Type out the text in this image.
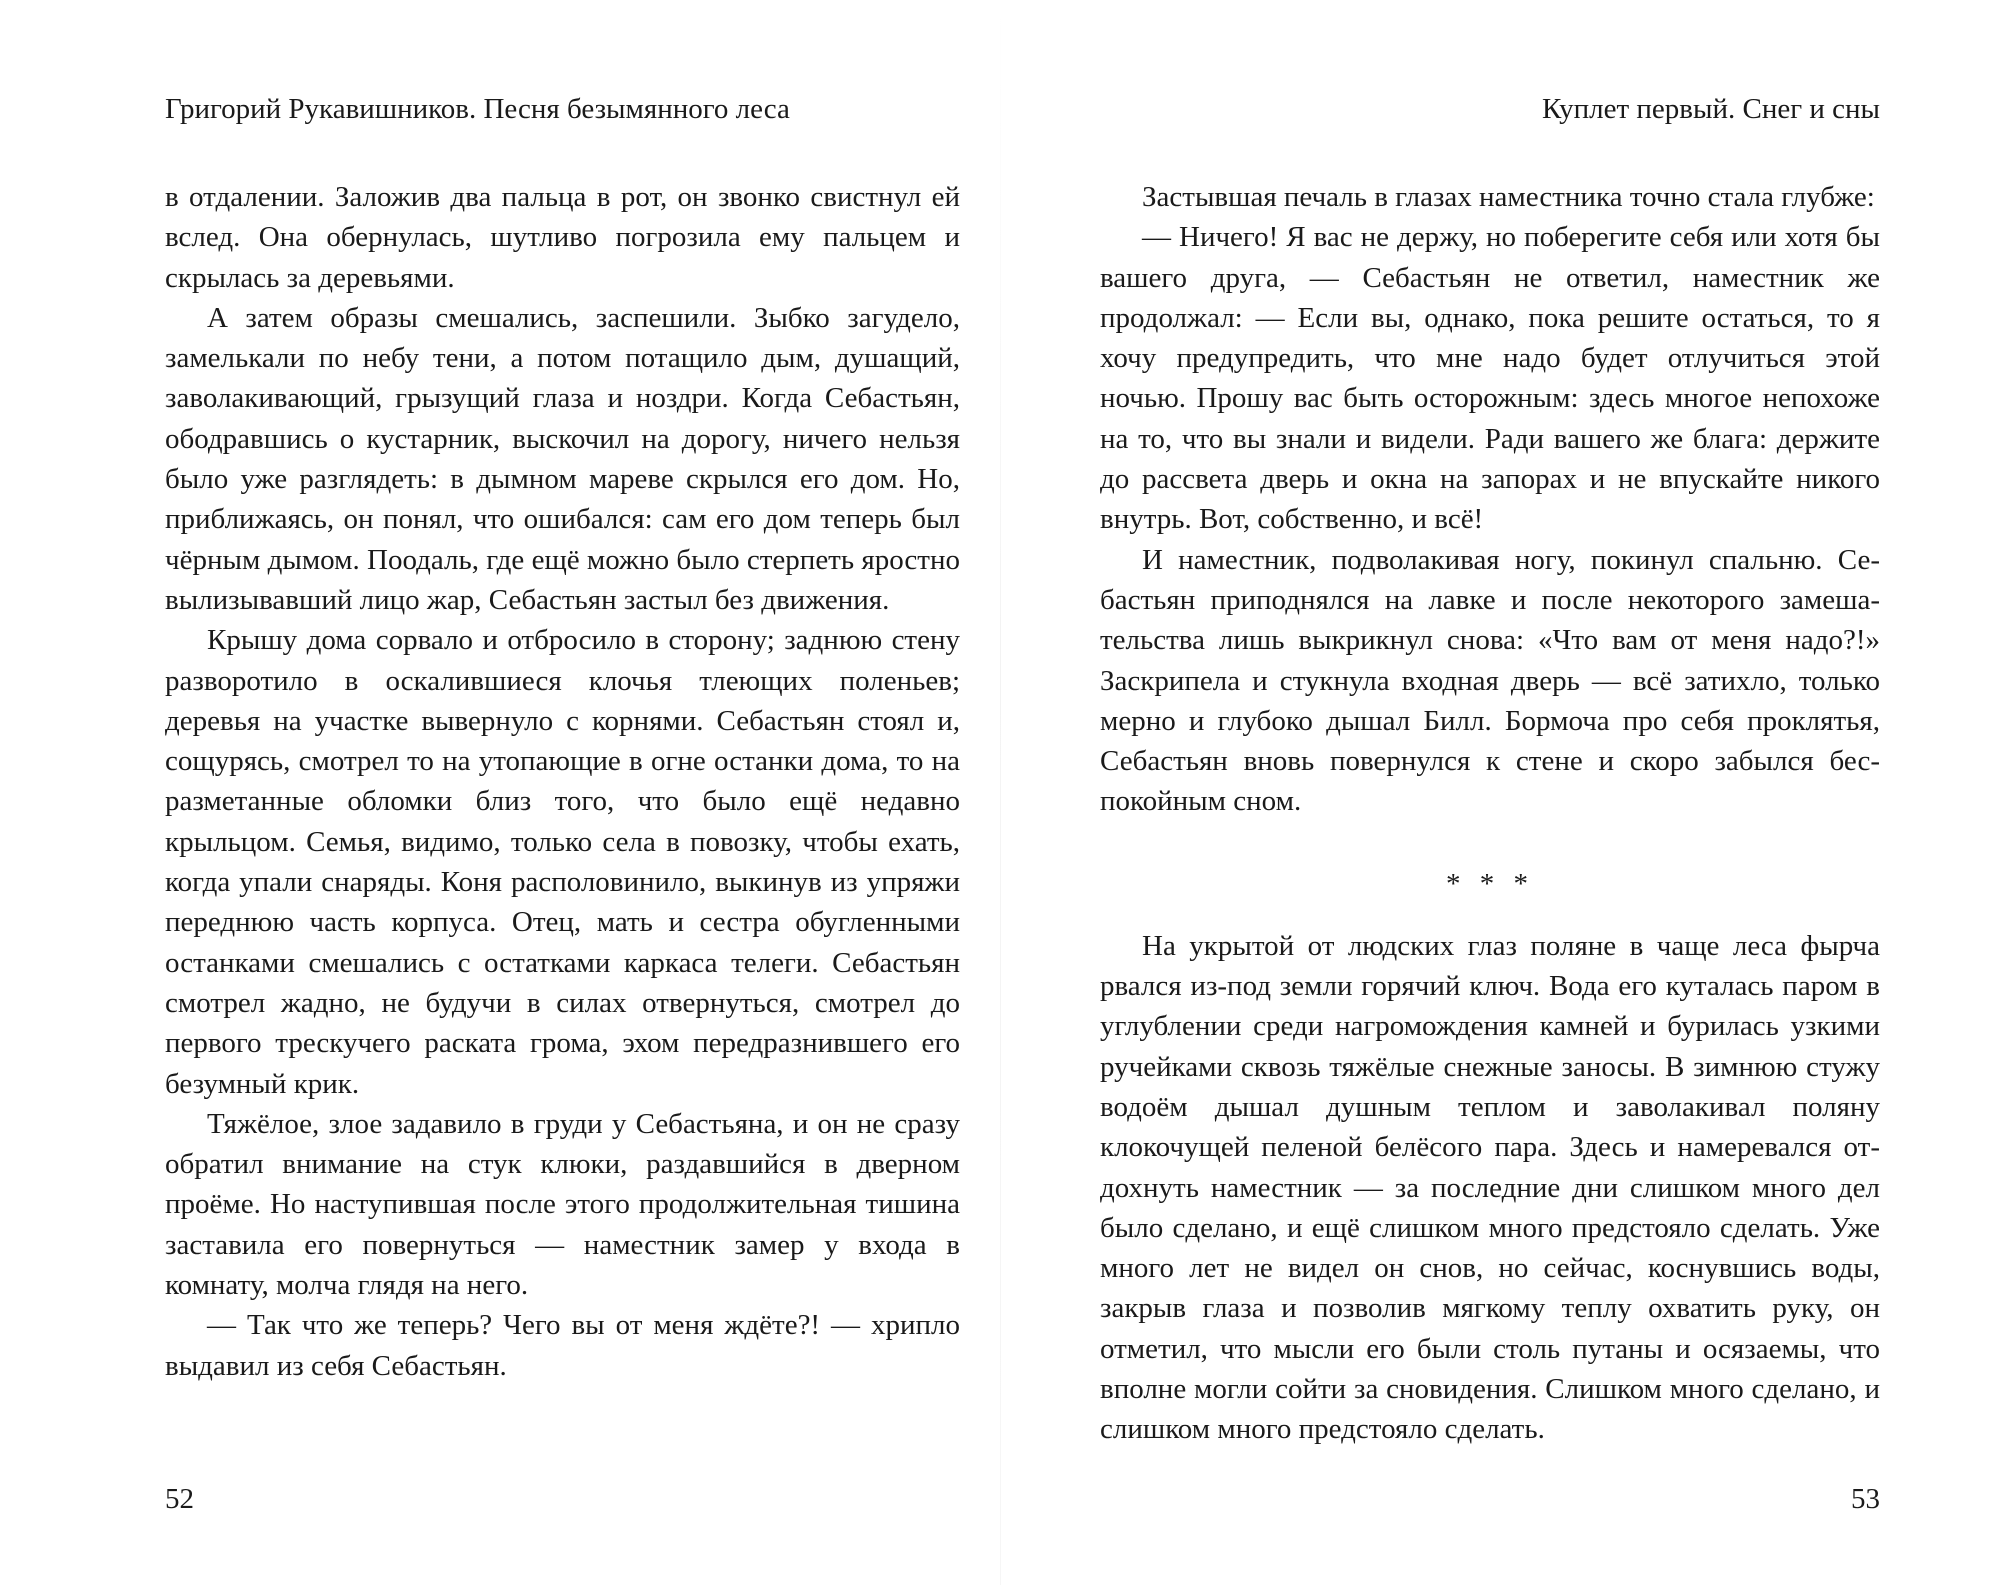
Григорий Рукавишников. Песня безымянного леса

в отдалении. Заложив два пальца в рот, он звонко свистнул ей вслед. Она обернулась, шутливо погрозила ему пальцем и скрылась за деревьями.

А затем образы смешались, заспешили. Зыбко загудело, замелькали по небу тени, а потом потащило дым, душащий, заволакивающий, грызущий глаза и ноздри. Когда Себастьян, ободравшись о кустарник, выскочил на дорогу, ничего нельзя было уже разглядеть: в дымном мареве скрылся его дом. Но, приближаясь, он понял, что ошибался: сам его дом теперь был чёрным дымом. Поодаль, где ещё можно было стерпеть яростно вылизывавший лицо жар, Себастьян застыл без движения.

Крышу дома сорвало и отбросило в сторону; заднюю стену разворотило в оскалившиеся клочья тлеющих поленьев; деревья на участке вывернуло с корнями. Себастьян стоял и, сощурясь, смотрел то на утопающие в огне останки дома, то на разметанные обломки близ того, что было ещё недавно крыльцом. Семья, видимо, только села в повозку, чтобы ехать, когда упали снаряды. Коня располовинило, выкинув из упряжи переднюю часть корпуса. Отец, мать и сестра обугленными останками смешались с остатками каркаса телеги. Себастьян смотрел жадно, не будучи в силах отвернуться, смотрел до первого трескучего раската грома, эхом передразнившего его безумный крик.

Тяжёлое, злое задавило в груди у Себастьяна, и он не сразу обратил внимание на стук клюки, раздавшийся в дверном проёме. Но наступившая после этого продолжительная тишина заставила его повернуться — наместник замер у входа в комнату, молча глядя на него.

— Так что же теперь? Чего вы от меня ждёте?! — хрипло выдавил из себя Себастьян.

52
Куплет первый. Снег и сны

Застывшая печаль в глазах наместника точно стала глубже:

— Ничего! Я вас не держу, но поберегите себя или хотя бы вашего друга, — Себастьян не ответил, наместник же продолжал: — Если вы, однако, пока решите остаться, то я хочу предупредить, что мне надо будет отлучиться этой ночью. Прошу вас быть осторожным: здесь многое непохоже на то, что вы знали и видели. Ради вашего же блага: держите до рассвета дверь и окна на запорах и не впускайте никого внутрь. Вот, собственно, и всё!

И наместник, подволакивая ногу, покинул спальню. Себастьян приподнялся на лавке и после некоторого замешательства лишь выкрикнул снова: «Что вам от меня надо?!» Заскрипела и стукнула входная дверь — всё затихло, только мерно и глубоко дышал Билл. Бормоча про себя проклятья, Себастьян вновь повернулся к стене и скоро забылся беспокойным сном.

* * *

На укрытой от людских глаз поляне в чаще леса фырча рвался из-под земли горячий ключ. Вода его куталась паром в углублении среди нагромождения камней и бурилась узкими ручейками сквозь тяжёлые снежные заносы. В зимнюю стужу водоём дышал душным теплом и заволакивал поляну клокочущей пеленой белёсого пара. Здесь и намеревался отдохнуть наместник — за последние дни слишком много дел было сделано, и ещё слишком много предстояло сделать. Уже много лет не видел он снов, но сейчас, коснувшись воды, закрыв глаза и позволив мягкому теплу охватить руку, он отметил, что мысли его были столь путаны и осязаемы, что вполне могли сойти за сновидения. Слишком много сделано, и слишком много предстояло сделать.

53
